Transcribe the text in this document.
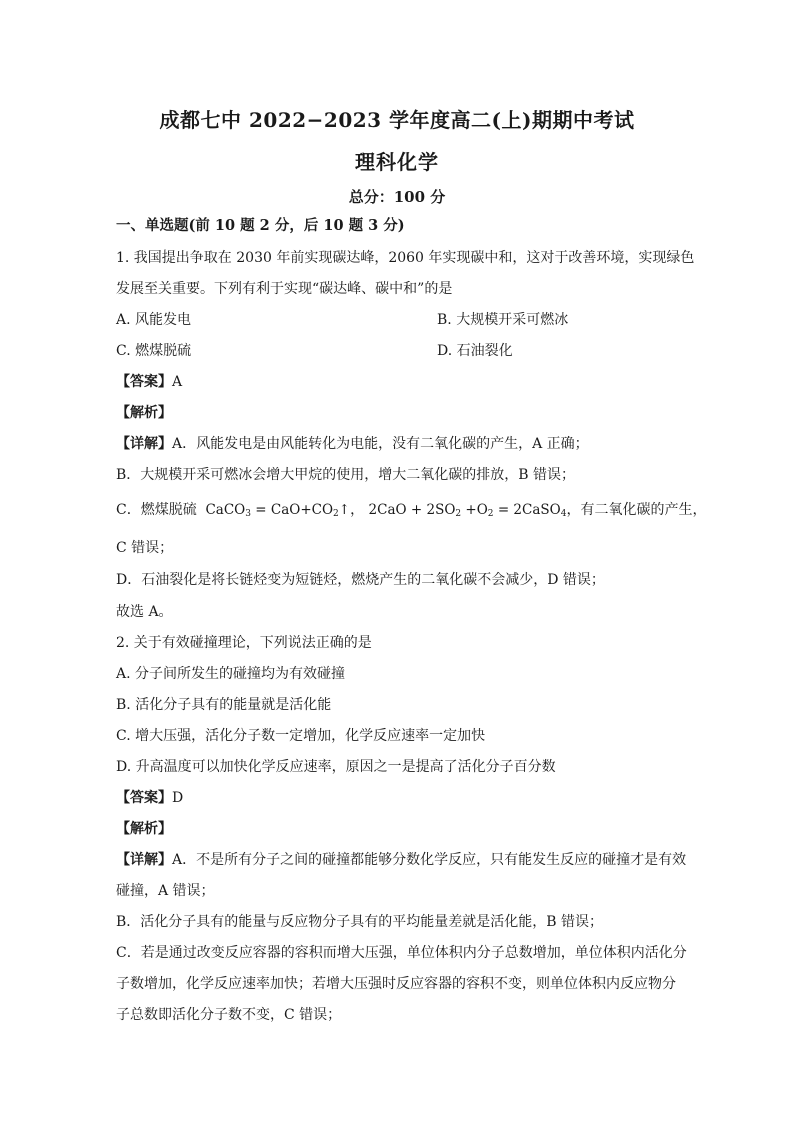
成都七中 2022−2023 学年度高二(上)期期中考试
理科化学
总分：100 分
一、单选题(前 10 题 2 分，后 10 题 3 分)
1. 我国提出争取在 2030 年前实现碳达峰，2060 年实现碳中和，这对于改善环境，实现绿色
发展至关重要。下列有利于实现“碳达峰、碳中和”的是
A. 风能发电	B. 大规模开采可燃冰
C. 燃煤脱硫	D. 石油裂化
【答案】A
【解析】
【详解】A．风能发电是由风能转化为电能，没有二氧化碳的产生，A 正确；
B．大规模开采可燃冰会增大甲烷的使用，增大二氧化碳的排放，B 错误；
C．燃煤脱硫  CaCO$_3$ = $CaO+CO_2↑$， $2CaO + 2SO_2 +O_2$ = 2CaSO$_4$，有二氧化碳的产生，
C 错误；
D．石油裂化是将长链烃变为短链烃，燃烧产生的二氧化碳不会减少，D 错误；
故选 A。
2. 关于有效碰撞理论，下列说法正确的是
A. 分子间所发生的碰撞均为有效碰撞
B. 活化分子具有的能量就是活化能
C. 增大压强，活化分子数一定增加，化学反应速率一定加快
D. 升高温度可以加快化学反应速率，原因之一是提高了活化分子百分数
【答案】D
【解析】
【详解】A．不是所有分子之间的碰撞都能够分数化学反应，只有能发生反应的碰撞才是有效
碰撞，A 错误；
B．活化分子具有的能量与反应物分子具有的平均能量差就是活化能，B 错误；
C．若是通过改变反应容器的容积而增大压强，单位体积内分子总数增加，单位体积内活化分
子数增加，化学反应速率加快；若增大压强时反应容器的容积不变，则单位体积内反应物分
子总数即活化分子数不变，C 错误；
